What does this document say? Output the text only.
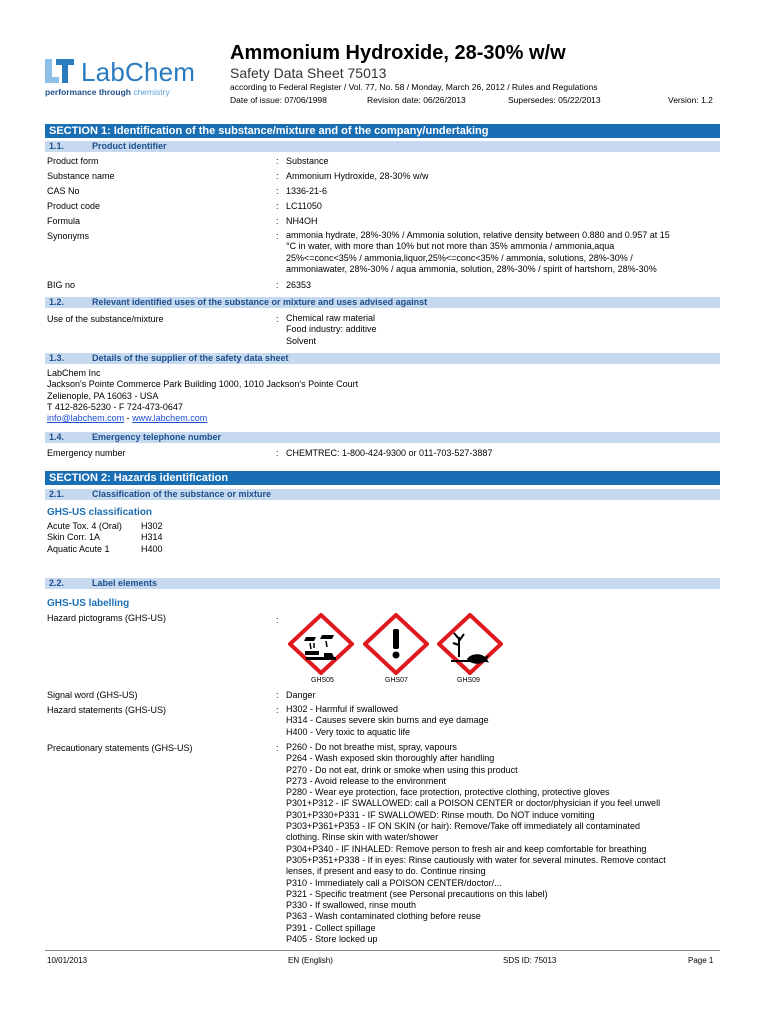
LabChem
performance through chemistry
Ammonium Hydroxide, 28-30% w/w
Safety Data Sheet 75013
according to Federal Register / Vol. 77, No. 58 / Monday, March 26, 2012 / Rules and Regulations
Date of issue: 07/06/1998	Revision date: 06/26/2013	Supersedes: 05/22/2013	Version: 1.2
SECTION 1: Identification of the substance/mixture and of the company/undertaking
1.1.	Product identifier
Product form	: Substance
Substance name	: Ammonium Hydroxide, 28-30% w/w
CAS No	: 1336-21-6
Product code	: LC11050
Formula	: NH4OH
Synonyms	: ammonia hydrate, 28%-30% / Ammonia solution, relative density between 0.880 and 0.957 at 15
°C in water, with more than 10% but not more than 35% ammonia / ammonia,aqua
25%<=conc<35% / ammonia,liquor,25%<=conc<35% / ammonia, solutions, 28%-30% /
ammoniawater, 28%-30% / aqua ammonia, solution, 28%-30% / spirit of hartshorn, 28%-30%
BIG no	: 26353
1.2.	Relevant identified uses of the substance or mixture and uses advised against
Use of the substance/mixture	: Chemical raw material
Food industry: additive
Solvent
1.3.	Details of the supplier of the safety data sheet
LabChem Inc
Jackson's Pointe Commerce Park Building 1000, 1010 Jackson's Pointe Court
Zelienople, PA 16063 - USA
T 412-826-5230 - F 724-473-0647
info@labchem.com - www.labchem.com
1.4.	Emergency telephone number
Emergency number	: CHEMTREC: 1-800-424-9300 or 011-703-527-3887
SECTION 2: Hazards identification
2.1.	Classification of the substance or mixture
GHS-US classification
Acute Tox. 4 (Oral) H302
Skin Corr. 1A	H314
Aquatic Acute 1	H400
2.2.	Label elements
GHS-US labelling
Hazard pictograms (GHS-US)	:
GHS05	GHS07	GHS09
Signal word (GHS-US)	: Danger
Hazard statements (GHS-US)	: H302 - Harmful if swallowed
H314 - Causes severe skin burns and eye damage
H400 - Very toxic to aquatic life
Precautionary statements (GHS-US)	: P260 - Do not breathe mist, spray, vapours
P264 - Wash exposed skin thoroughly after handling
P270 - Do not eat, drink or smoke when using this product
P273 - Avoid release to the environment
P280 - Wear eye protection, face protection, protective clothing, protective gloves
P301+P312 - IF SWALLOWED: call a POISON CENTER or doctor/physician if you feel unwell
P301+P330+P331 - IF SWALLOWED: Rinse mouth. Do NOT induce vomiting
P303+P361+P353 - IF ON SKIN (or hair): Remove/Take off immediately all contaminated
clothing. Rinse skin with water/shower
P304+P340 - IF INHALED: Remove person to fresh air and keep comfortable for breathing
P305+P351+P338 - If in eyes: Rinse cautiously with water for several minutes. Remove contact
lenses, if present and easy to do. Continue rinsing
P310 - Immediately call a POISON CENTER/doctor/...
P321 - Specific treatment (see Personal precautions on this label)
P330 - If swallowed, rinse mouth
P363 - Wash contaminated clothing before reuse
P391 - Collect spillage
P405 - Store locked up
10/01/2013	EN (English)	SDS ID: 75013	Page 1
